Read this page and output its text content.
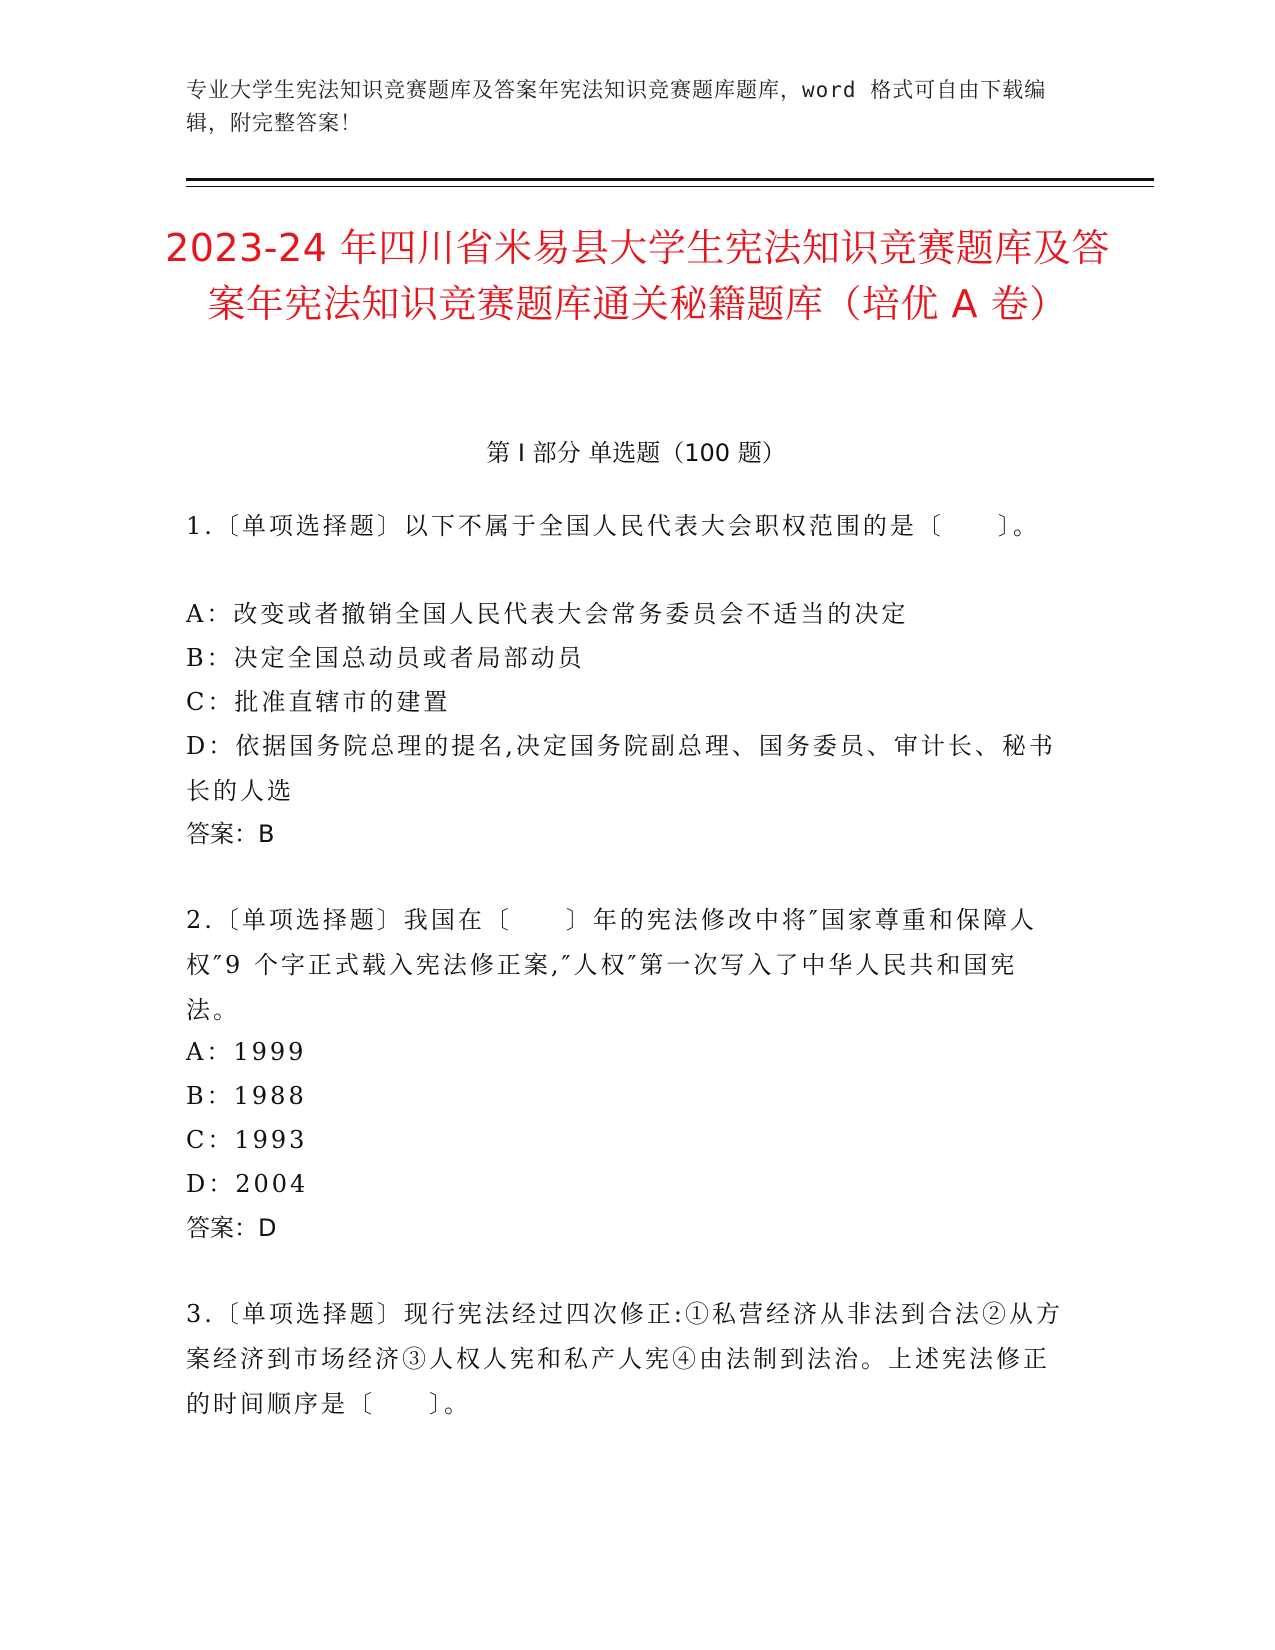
专业大学生宪法知识竞赛题库及答案年宪法知识竞赛题库题库，word 格式可自由下载编辑，附完整答案！
2023-24 年四川省米易县大学生宪法知识竞赛题库及答案年宪法知识竞赛题库通关秘籍题库（培优 A 卷）
第 I 部分 单选题（100 题）
1.〔单项选择题〕以下不属于全国人民代表大会职权范围的是〔　　〕。
A：改变或者撤销全国人民代表大会常务委员会不适当的决定
B：决定全国总动员或者局部动员
C：批准直辖市的建置
D：依据国务院总理的提名,决定国务院副总理、国务委员、审计长、秘书长的人选
答案：B
2.〔单项选择题〕我国在〔　　〕年的宪法修改中将″国家尊重和保障人权″9 个字正式载入宪法修正案,″人权″第一次写入了中华人民共和国宪法。
A：1999
B：1988
C：1993
D：2004
答案：D
3.〔单项选择题〕现行宪法经过四次修正:①私营经济从非法到合法②从方案经济到市场经济③人权人宪和私产人宪④由法制到法治。上述宪法修正的时间顺序是〔　　〕。
